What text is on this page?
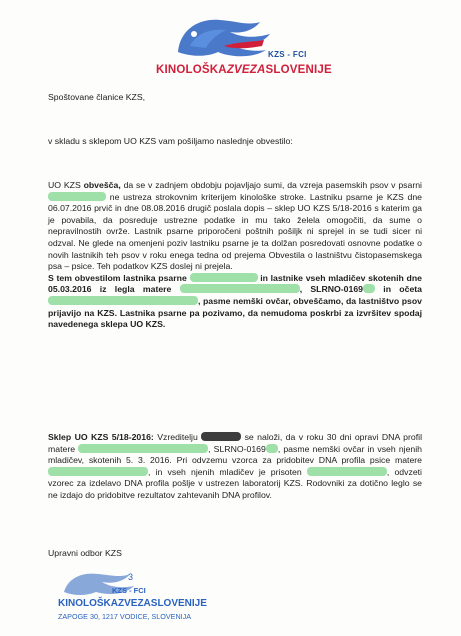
KZS - FCI
KINOLOŠKAZVEZASLOVENIJE
Spoštovane članice KZS,
v skladu s sklepom UO KZS vam pošiljamo naslednje obvestilo:

UO KZS obvešča, da se v zadnjem obdobju pojavljajo sumi, da vzreja pasemskih psov v psarni  ne ustreza strokovnim kriterijem kinološke stroke. Lastniku psarne je KZS dne 06.07.2016 prvič in dne 08.08.2016 drugič poslala dopis – sklep UO KZS 5/18-2016 s katerim ga je povabila, da posreduje ustrezne podatke in mu tako želela omogočiti, da sume o nepravilnostih ovrže. Lastnik psarne priporočeni poštnih pošiljk ni sprejel in se tudi sicer ni odzval. Ne glede na omenjeni poziv lastniku psarne je ta dolžan posredovati osnovne podatke o novih lastnikih teh psov v roku enega tedna od prejema Obvestila o lastništvu čistopasemskega psa – psice. Teh podatkov KZS doslej ni prejela.

S tem obvestilom lastnika psarne	in lastnike vseh mladičev skotenih dne 05.03.2016 iz legla matere	, SLRNO-0169 in očeta , pasme nemški ovčar, obveščamo, da lastništvo psov prijavijo na KZS. Lastnika psarne pa pozivamo, da nemudoma poskrbi za izvršitev spodaj navedenega sklepa UO KZS.

Sklep UO KZS 5/18-2016: Vzreditelju	se naloži, da v roku 30 dni opravi DNA profil matere	, SLRNO-0169 , pasme nemški ovčar in vseh njenih mladičev, skotenih 5. 3. 2016. Pri odvzemu vzorca za pridobitev DNA profila psice matere , in vseh njenih mladičev je prisoten	, odvzeti vzorec za izdelavo DNA profila pošlje v ustrezen laboratorij KZS. Rodovniki za dotično leglo se ne izdajo do pridobitve rezultatov zahtevanih DNA profilov.

Upravni odbor KZS
3
KZS - FCI
KINOLOŠKAZVEZASLOVENIJE
ZAPOGE 30, 1217 VODICE, SLOVENIJA
